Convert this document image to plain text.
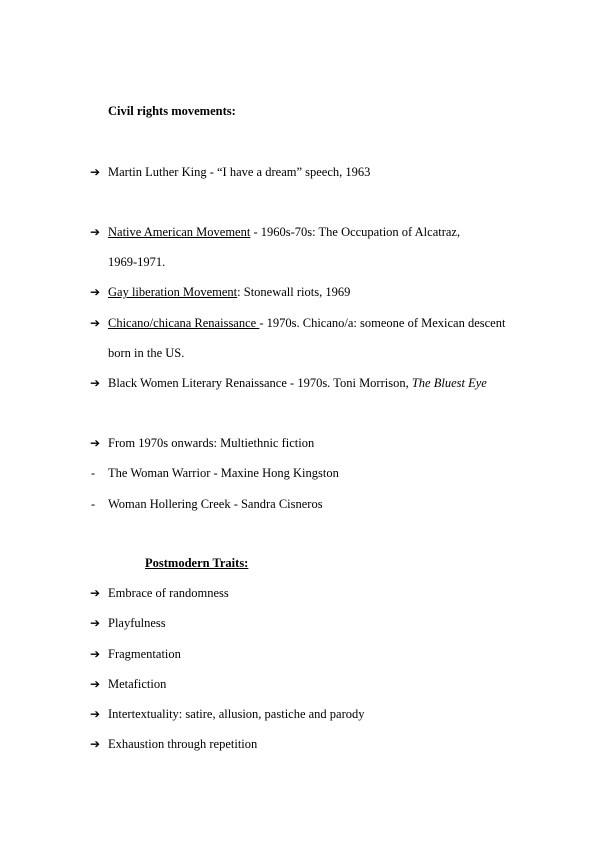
Civil rights movements:
➔ Martin Luther King - “I have a dream” speech, 1963
➔ Native American Movement - 1960s-70s: The Occupation of Alcatraz,
1969-1971.
➔ Gay liberation Movement: Stonewall riots, 1969
➔ Chicano/chicana Renaissance - 1970s. Chicano/a: someone of Mexican descent
born in the US.
➔ Black Women Literary Renaissance - 1970s. Toni Morrison, The Bluest Eye
➔ From 1970s onwards: Multiethnic fiction
- The Woman Warrior - Maxine Hong Kingston
- Woman Hollering Creek - Sandra Cisneros
Postmodern Traits:
➔ Embrace of randomness
➔ Playfulness
➔ Fragmentation
➔ Metafiction
➔ Intertextuality: satire, allusion, pastiche and parody
➔ Exhaustion through repetition
